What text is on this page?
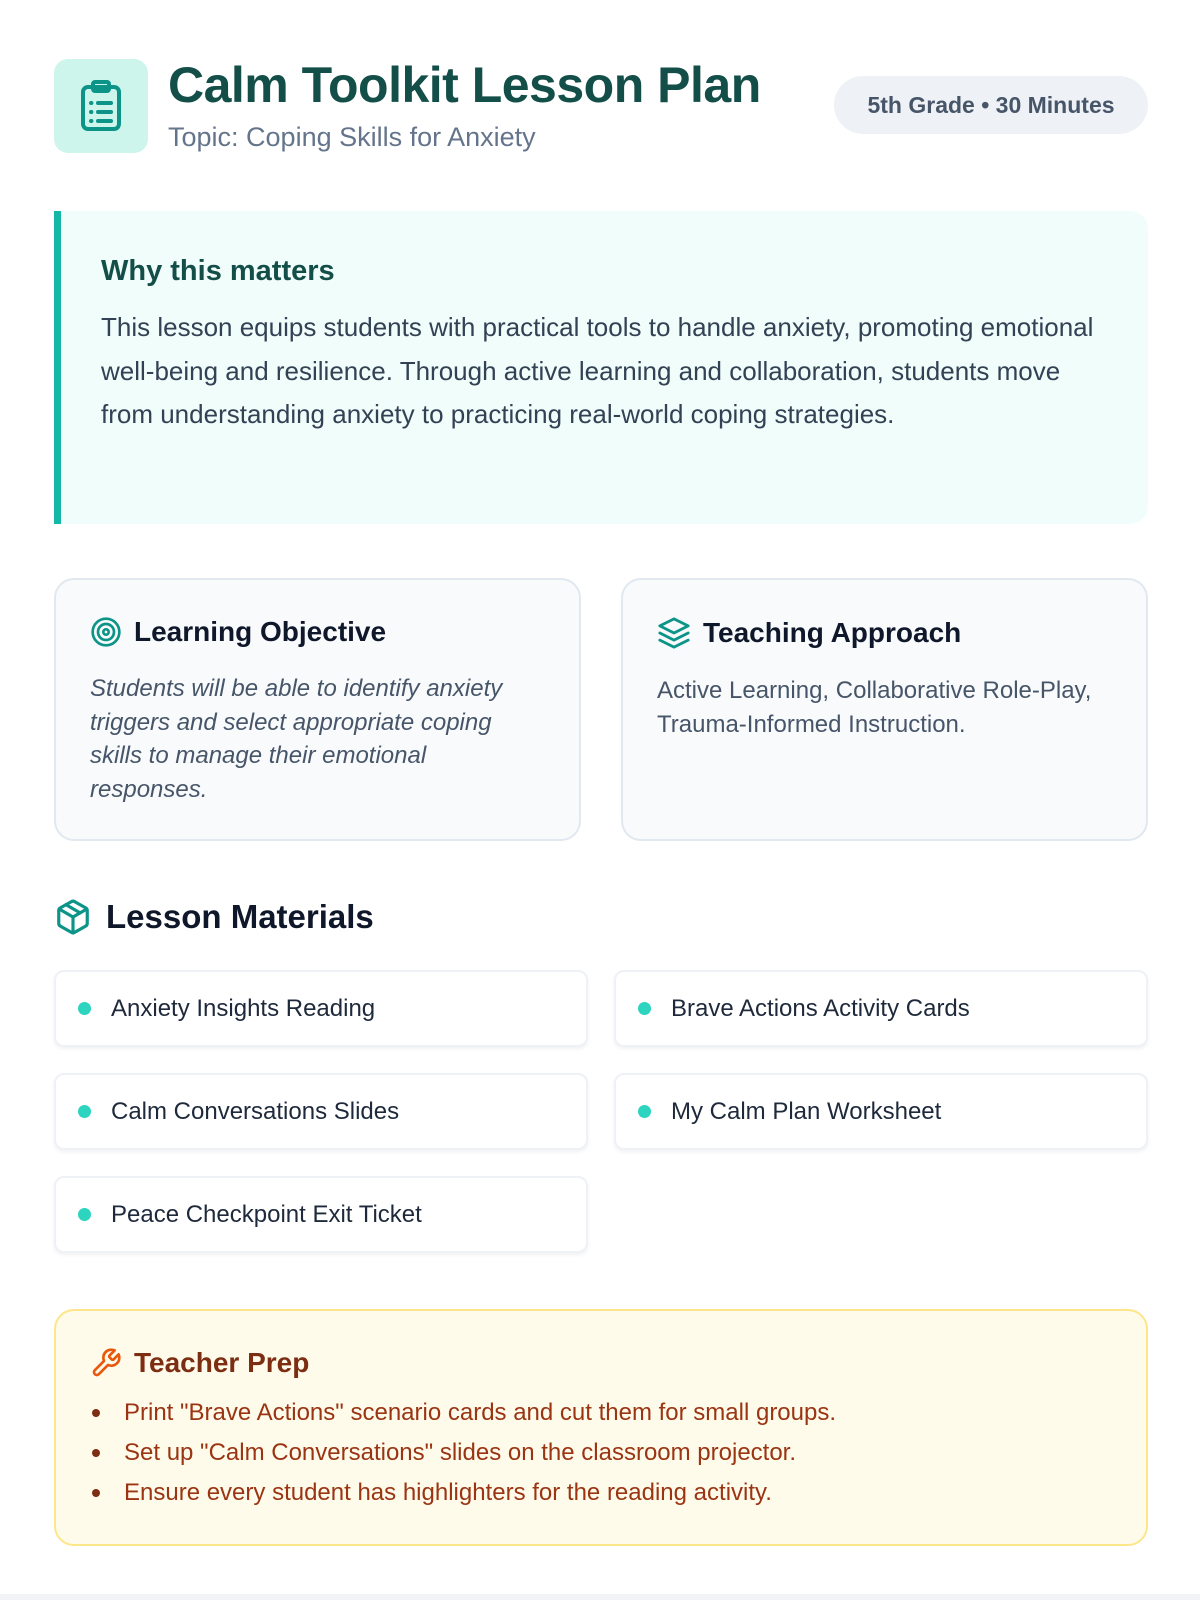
Calm Toolkit Lesson Plan
Topic: Coping Skills for Anxiety
5th Grade • 30 Minutes
Why this matters

This lesson equips students with practical tools to handle anxiety, promoting emotional well-being and resilience. Through active learning and collaboration, students move from understanding anxiety to practicing real-world coping strategies.

Learning Objective

Students will be able to identify anxiety triggers and select appropriate coping skills to manage their emotional responses.

Teaching Approach

Active Learning, Collaborative Role-Play, Trauma-Informed Instruction.

Lesson Materials
Anxiety Insights Reading	Brave Actions Activity Cards
Calm Conversations Slides	My Calm Plan Worksheet
Peace Checkpoint Exit Ticket
Teacher Prep
Print "Brave Actions" scenario cards and cut them for small groups.
Set up "Calm Conversations" slides on the classroom projector.
Ensure every student has highlighters for the reading activity.
